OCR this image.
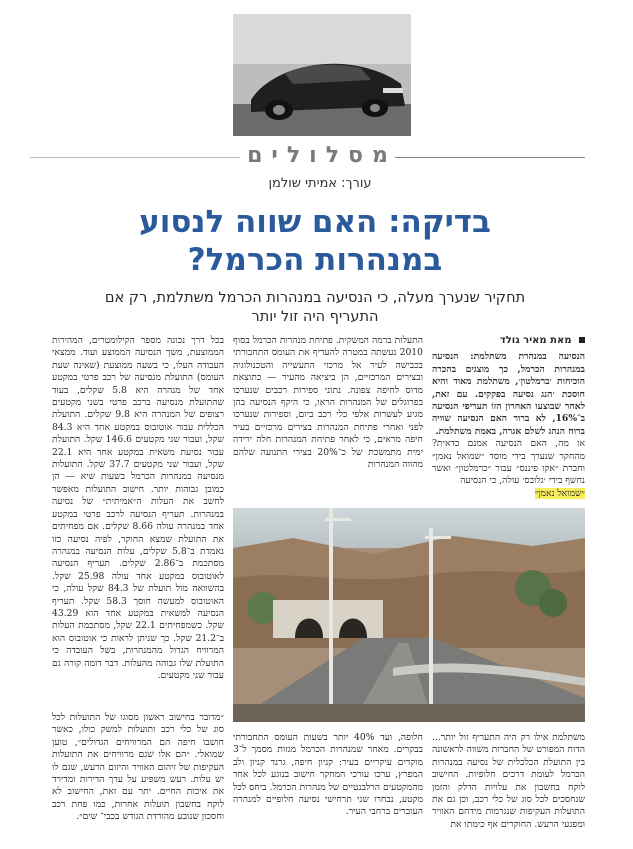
מסלולים
עורך: אמיתי שולמן
בדיקה: האם שווה לנסוע במנהרות הכרמל?
תחקיר שנערך מעלה, כי הנסיעה במנהרות הכרמל משתלמת, רק אם התעריף היה זול יותר
מאת מאיר גולד

הנסיעה במנהרת משתלמת: הנסיעה במנהרות הכרמל, כך מוצגים בהכרה הוכיחות ׳ברמלטון׳, משתלמת מאוד והיא חוסכת ׳הנג נסיעה בפקקים. עם זאת, לאחר שבוצעו האחרון הזוֹ תעריפי הנסיעה ב־16%, לא ברור האם הנסיעה שוויה ברוח הנהג לשלם אגרה, באמת משתלמת.

או מה, האם הנסיעה אמנם כדאית? מהחקר שנערך בידי מוסד ״שמואל נאמן״ וחברת ״אקו פיננס״ עבור ״כרמלטון״ ואשר נחשף בידי ׳גלובס׳ עולה, כי הנסיעה

״שמואל נאמן״

התעלות ברמה המשקית. פתיחת מנהרות הכרמל בסוף 2010 נעשתה במטרה להעדיף את העומס התחבורתי בכבישה לעיר אל מרכזי התעשייה והטכנולוגיה ובצירים המרכזיים, הן ביציאה מהעיר — כתוצאת מדוס לחיפה צפונה. נתוני ספירות רכבים שנערכו בפרוגלים של המנהרות הראו, כי היקף הנסיעה בהן מגיע לעשרות אלפי כלי רכב ביום, וספירות שנערכו לפני ואחרי פתיחת המנהרות בצירים מרכזיים בעיר חיפה מראים, כי לאחר פתיחת המנהרות חלה ירידה ימית מתמשכת של כ־20% בצירי התנועה שלהם מהווה המנהרות

בכל דרך נכונה מספר הקילומטרים, המהירות הממוצעת, משך הנסיעה הממוצע ועוד. ממצאי העבודה העלו, כי בשעה ממוצעת (שאינה שעת העומס) התועלת מנסיעה של רכב פרטי במקטע אחד של מנהרה היא 5.8 שקלים, בעוד שהתועלת מנסיעה ברכב פרטי בשני מקטעים רצופים של המנהרה היא 9.8 שקלים. התועלת הכללית עבור אוטובוס במקטע אחד היא 84.3 שקל, ועבור שני מקטעים 146.6 שקל. התועלת עבור נסיעת משאית במקטע אחד היא 22.1 שקל, ועבור שני מקטעים 37.7 שקל. התועלות מנסיעה במנהרות הכרמל בשעות שיא — הן כמובן גבוהות יותר. חישוב התועלות מאפשר לחשב את העלות ה״אמיתית״ של נסיעה במנהרות. תעריף הנסיעה לרכב פרטי במקטע אחד במנהרה עולה 8.66 שקלים. אם מפחיתים את התועלת שמצא החוקר, לפיה נסיעה כזו נאמדת ב־5.8 שקלים, עלות הנסיעה במנהרה מסתכמת ב־2.86 שקלים. תעריף הנסיעה לאוטובוס במקטע אחד עולה 25.98 שקל. בהשוואה מול תועלת של 84.3 שקל עולה, כי האוטובוס למעשה חוסך 58.3 שקל. תעריף הנסיעה למשאית במקטע אחד הוא 43.29 שקל. כשמפחיתים 22.1 שקל, מסתכמת העלות ב־21.2 שקל. כך שניתן לראות כי אוטובוס הוא המרוויח הגדול מהמנהרות, בשל העובדה כי התועלת שלו גבוהה מהעלות. דבר דומה קורה גם עבור שני מקטעים.

״מדובר בחישוב ראשון מסוגו של התועלות לכל סוג של כלי רכב ותועלות למשק כולו, כאשר חושבו חיפה הם המרוויחים הגדולים״, טוען שמואלי. ״הם אלו שגם מרוויחים את התועלות העקיפות של זיהום האוויר והיזום הרעש, שגם לו יש עלות. רעש משפיע על ערך הדירות ומדירד את איכות החיים. יתר עם זאת, החישוב לא לוקח בחשבון תועלות אחרות, כמו פחת רכב וחסכון שנובע מהורדת הגודש בכבי־ שים״.

חלופה, ועד 40% יותר בשעות העומס התחבורתי בבקרים. מאחר שמנהרות הכרמל מגזות מסמך ל־3 מוקדים עיקריים בעיר: קניון חיפה, גרנד קניון ולב המפרץ, ערכו עורכי המחקר חישוב בנוגע לכל אחד מהמקטעים הרלבנטיים של מנהרות הכרמל. ביחס לכל מקטע, נבחרו שני תרחישי נסיעה חלופיים למנהרה העוברים ברחבי העיר.

משתלמת אילו רק היה התעריף זול יותר... הדוח המפורט של החברות משווה לראשונה בין התועלת הכלכלית של נסיעה במנהרות הכרמל לעומת דרכים חלופיות. החישוב לוקח בחשבון את עלויות הדלק והזמן שנחסכים לכל סוג של כלי רכב, וכן גם את התועלות העקיפות שנגרמות מידחם האוויר ומפגעי הרעש. החוקרים אף כימתו את
